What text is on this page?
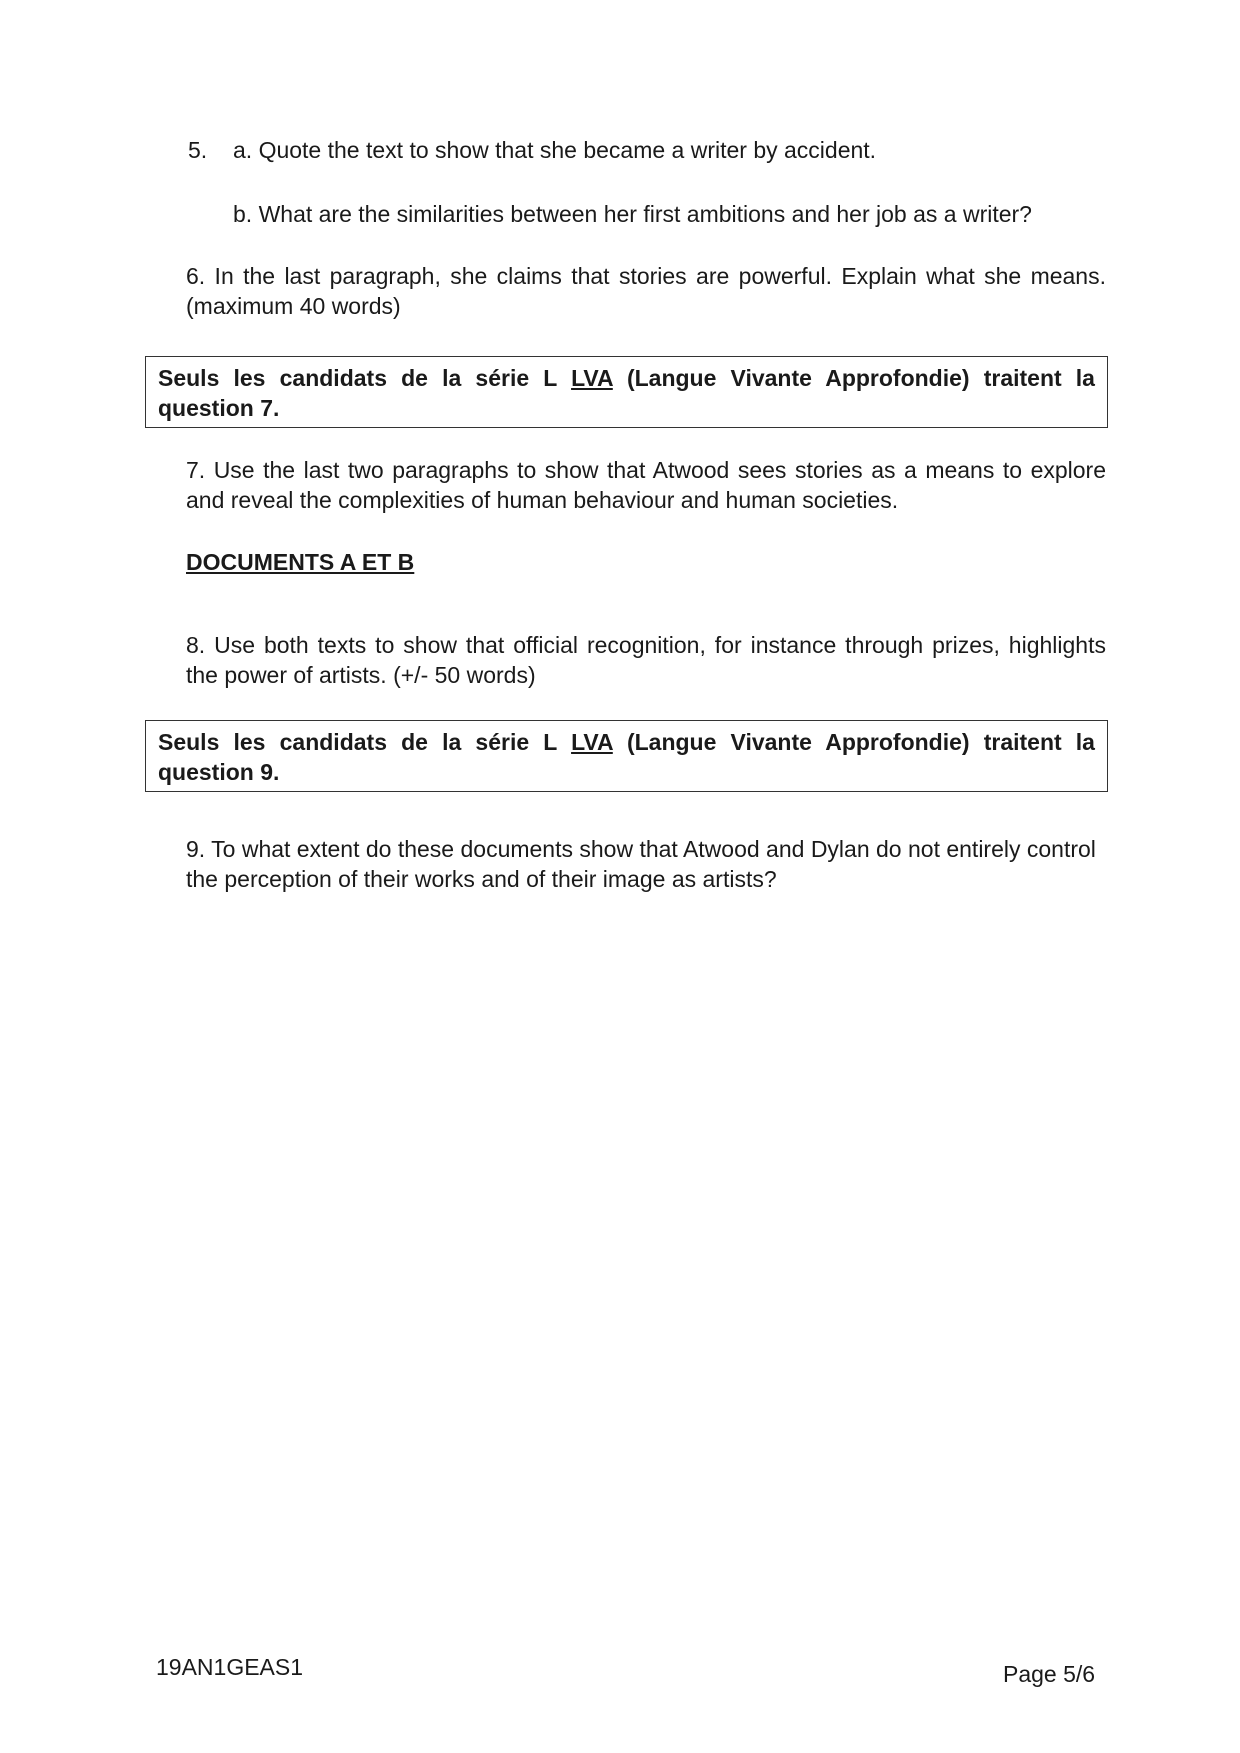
5. a. Quote the text to show that she became a writer by accident.
b. What are the similarities between her first ambitions and her job as a writer?

6. In the last paragraph, she claims that stories are powerful. Explain what she means. (maximum 40 words)

Seuls les candidats de la série L LVA (Langue Vivante Approfondie) traitent la question 7.

7. Use the last two paragraphs to show that Atwood sees stories as a means to explore and reveal the complexities of human behaviour and human societies.

DOCUMENTS A ET B

8. Use both texts to show that official recognition, for instance through prizes, highlights the power of artists. (+/- 50 words)

Seuls les candidats de la série L LVA (Langue Vivante Approfondie) traitent la question 9.

9. To what extent do these documents show that Atwood and Dylan do not entirely control the perception of their works and of their image as artists?

19AN1GEAS1	Page 5/6
